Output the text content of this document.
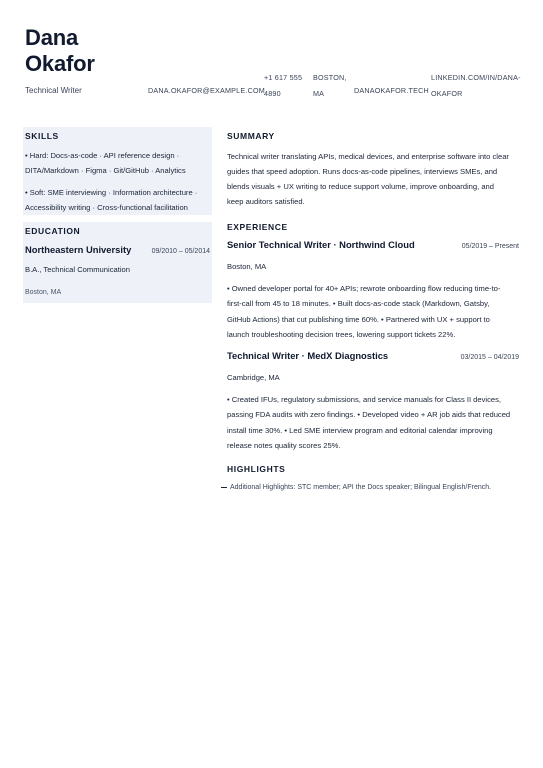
Dana
Okafor
Technical Writer	DANA.OKAFOR@EXAMPLE.COM
+1 617 555
4890
BOSTON,
MA	DANAOKAFOR.TECH
LINKEDIN.COM/IN/DANA-
OKAFOR
SKILLS
• Hard: Docs-as-code · API reference design ·
DITA/Markdown · Figma · Git/GitHub · Analytics
• Soft: SME interviewing · Information architecture ·
Accessibility writing · Cross-functional facilitation
EDUCATION
Northeastern University	09/2010 – 05/2014
B.A., Technical Communication
Boston, MA
SUMMARY
Technical writer translating APIs, medical devices, and enterprise software into clear
guides that speed adoption. Runs docs-as-code pipelines, interviews SMEs, and
blends visuals + UX writing to reduce support volume, improve onboarding, and
keep auditors satisfied.
EXPERIENCE
Senior Technical Writer · Northwind Cloud	05/2019 – Present
Boston, MA
• Owned developer portal for 40+ APIs; rewrote onboarding flow reducing time-to-
first-call from 45 to 18 minutes. • Built docs-as-code stack (Markdown, Gatsby,
GitHub Actions) that cut publishing time 60%. • Partnered with UX + support to
launch troubleshooting decision trees, lowering support tickets 22%.
Technical Writer · MedX Diagnostics	03/2015 – 04/2019
Cambridge, MA
• Created IFUs, regulatory submissions, and service manuals for Class II devices,
passing FDA audits with zero findings. • Developed video + AR job aids that reduced
install time 30%. • Led SME interview program and editorial calendar improving
release notes quality scores 25%.
HIGHLIGHTS
Additional Highlights: STC member; API the Docs speaker; Bilingual English/French.
